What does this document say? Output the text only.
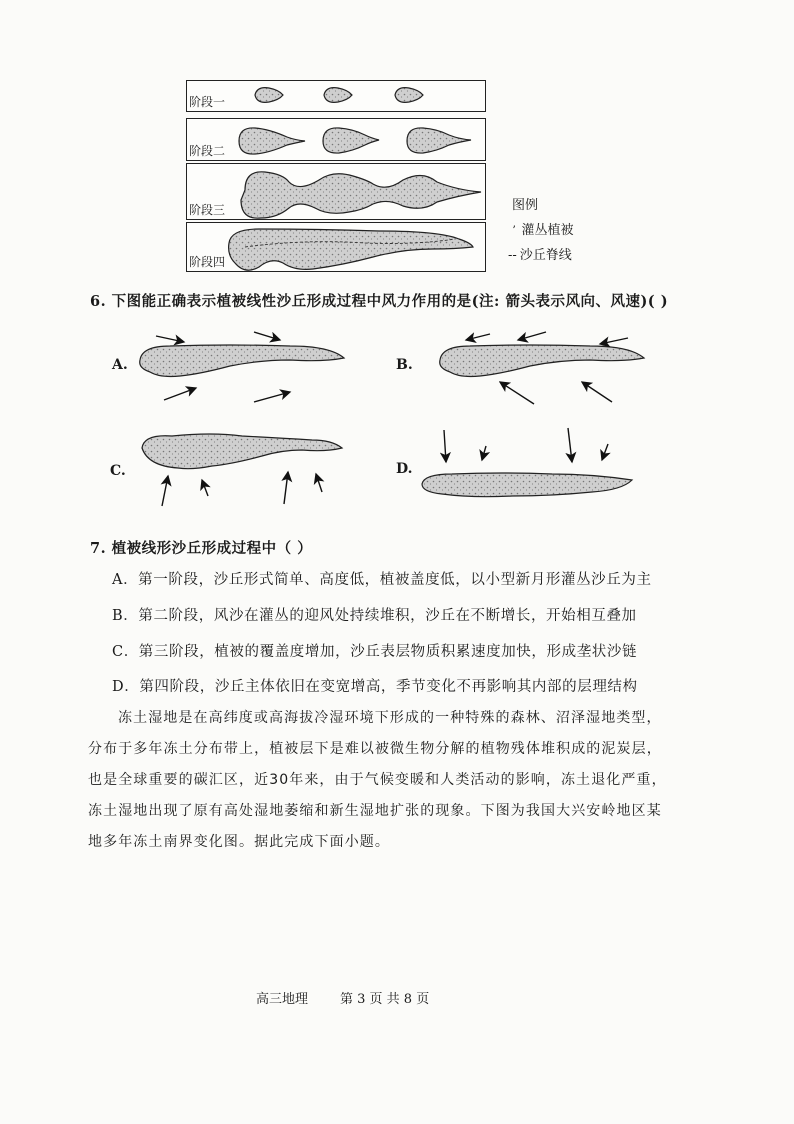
阶段一
阶段二
阶段三
阶段四
图例
ʼ 灌丛植被
-- 沙丘脊线
6. 下图能正确表示植被线性沙丘形成过程中风力作用的是(注: 箭头表示风向、风速)( )
A.	B.
C.	D.
7. 植被线形沙丘形成过程中（ ）
A．第一阶段，沙丘形式简单、高度低，植被盖度低，以小型新月形灌丛沙丘为主
B．第二阶段，风沙在灌丛的迎风处持续堆积，沙丘在不断增长，开始相互叠加
C．第三阶段，植被的覆盖度增加，沙丘表层物质积累速度加快，形成垄状沙链
D．第四阶段，沙丘主体依旧在变宽增高，季节变化不再影响其内部的层理结构
冻土湿地是在高纬度或高海拔冷湿环境下形成的一种特殊的森林、沼泽湿地类型，
分布于多年冻土分布带上，植被层下是难以被微生物分解的植物残体堆积成的泥炭层，
也是全球重要的碳汇区，近30年来，由于气候变暖和人类活动的影响，冻土退化严重，
冻土湿地出现了原有高处湿地萎缩和新生湿地扩张的现象。下图为我国大兴安岭地区某
地多年冻土南界变化图。据此完成下面小题。
高三地理 第 3 页 共 8 页
